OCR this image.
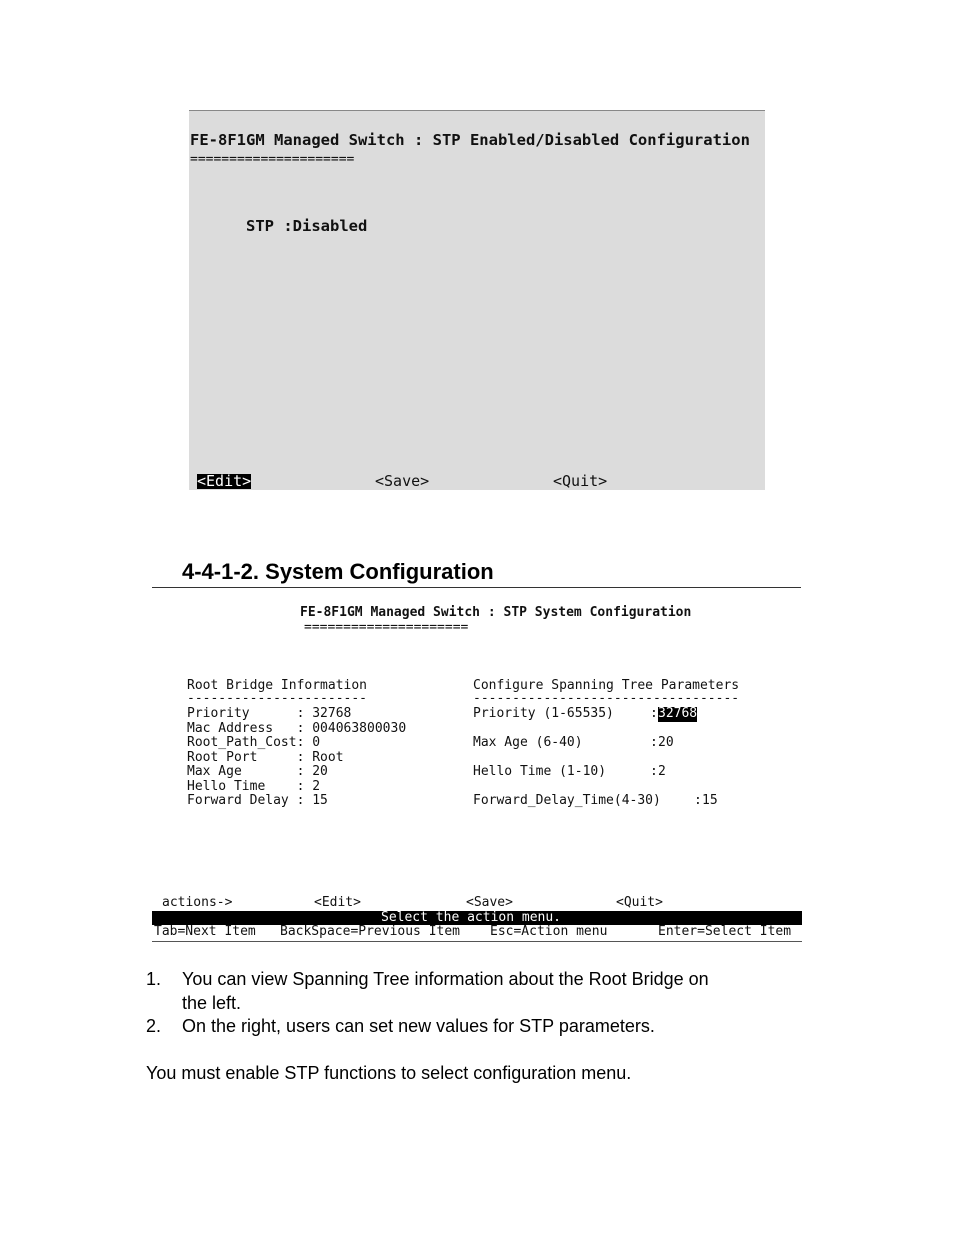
FE-8F1GM Managed Switch : STP Enabled/Disabled Configuration
=====================
STP :Disabled
<Edit>	<Save>	<Quit>
4-4-1-2. System Configuration
FE-8F1GM Managed Switch : STP System Configuration
=====================
Root Bridge Information
-----------------------
Priority      : 32768
Mac Address   : 004063800030
Root_Path_Cost: 0
Root Port     : Root
Max Age       : 20
Hello Time    : 2
Forward Delay : 15
Configure Spanning Tree Parameters
----------------------------------
Priority (1-65535)	: 32768
Max Age (6-40)	: 20
Hello Time (1-10)	: 2
Forward_Delay_Time(4-30)	: 15
actions->	<Edit>	<Save>	<Quit>
Select the action menu.
Tab=Next Item BackSpace=Previous Item Esc=Action menu	Enter=Select Item
1. You can view Spanning Tree information about the Root Bridge on
the left.
2. On the right, users can set new values for STP parameters.
You must enable STP functions to select configuration menu.
